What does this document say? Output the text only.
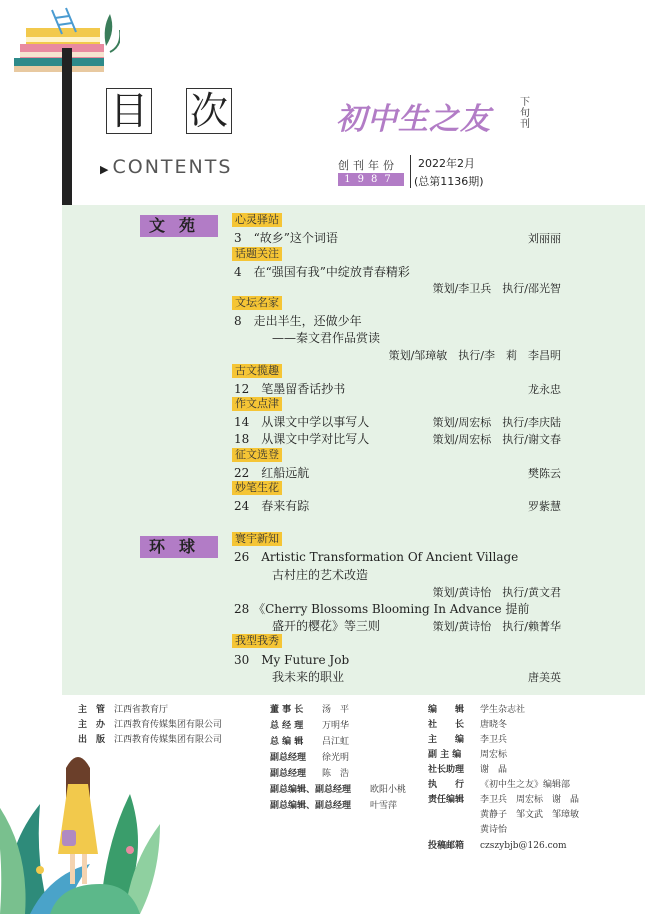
目 次
▶ CONTENTS
初中生之友	下旬刊
创刊年份
1987
2022年2月
(总第1136期)
文苑	心灵驿站
3　“故乡”这个词语	刘丽丽
话题关注
4　在“强国有我”中绽放青春精彩
策划/李卫兵　执行/邵光智
文坛名家
8　走出半生，还做少年
　　——秦文君作品赏读
策划/邹璋敏　执行/李　莉　李昌明
古文揽趣
12　笔墨留香话抄书	龙永忠
作文点津
14　从课文中学以事写人	策划/周宏标　执行/李庆陆
18　从课文中学对比写人	策划/周宏标　执行/谢文春
征文选登
22　红船远航	樊陈云
妙笔生花
24　春来有踪	罗紫慧
环球	寰宇新知
26　Artistic Transformation Of Ancient Village
　　古村庄的艺术改造
策划/黄诗怡　执行/黄文君
28 《Cherry Blossoms Blooming In Advance 提前
　　盛开的樱花》等三则	策划/黄诗怡　执行/赖菁华
我型我秀
30　My Future Job
　　我未来的职业	唐美英
主　管 江西省教育厅
主　办 江西教育传媒集团有限公司
出　版 江西教育传媒集团有限公司
董 事 长 汤　平
总 经 理 万明华
总 编 辑 吕江虹
副总经理 徐光明
副总经理 陈　浩
副总编辑、副总经理 欧阳小桃
副总编辑、副总经理 叶雪萍
编　　辑 学生杂志社
社　　长 唐晓冬
主　　编 李卫兵
副 主 编 周宏标
社长助理 谢　晶
执　　行 《初中生之友》编辑部
责任编辑 李卫兵　周宏标　谢　晶
黄静子　邹文武　邹璋敏
黄诗怡
投稿邮箱 czszybjb@126.com
